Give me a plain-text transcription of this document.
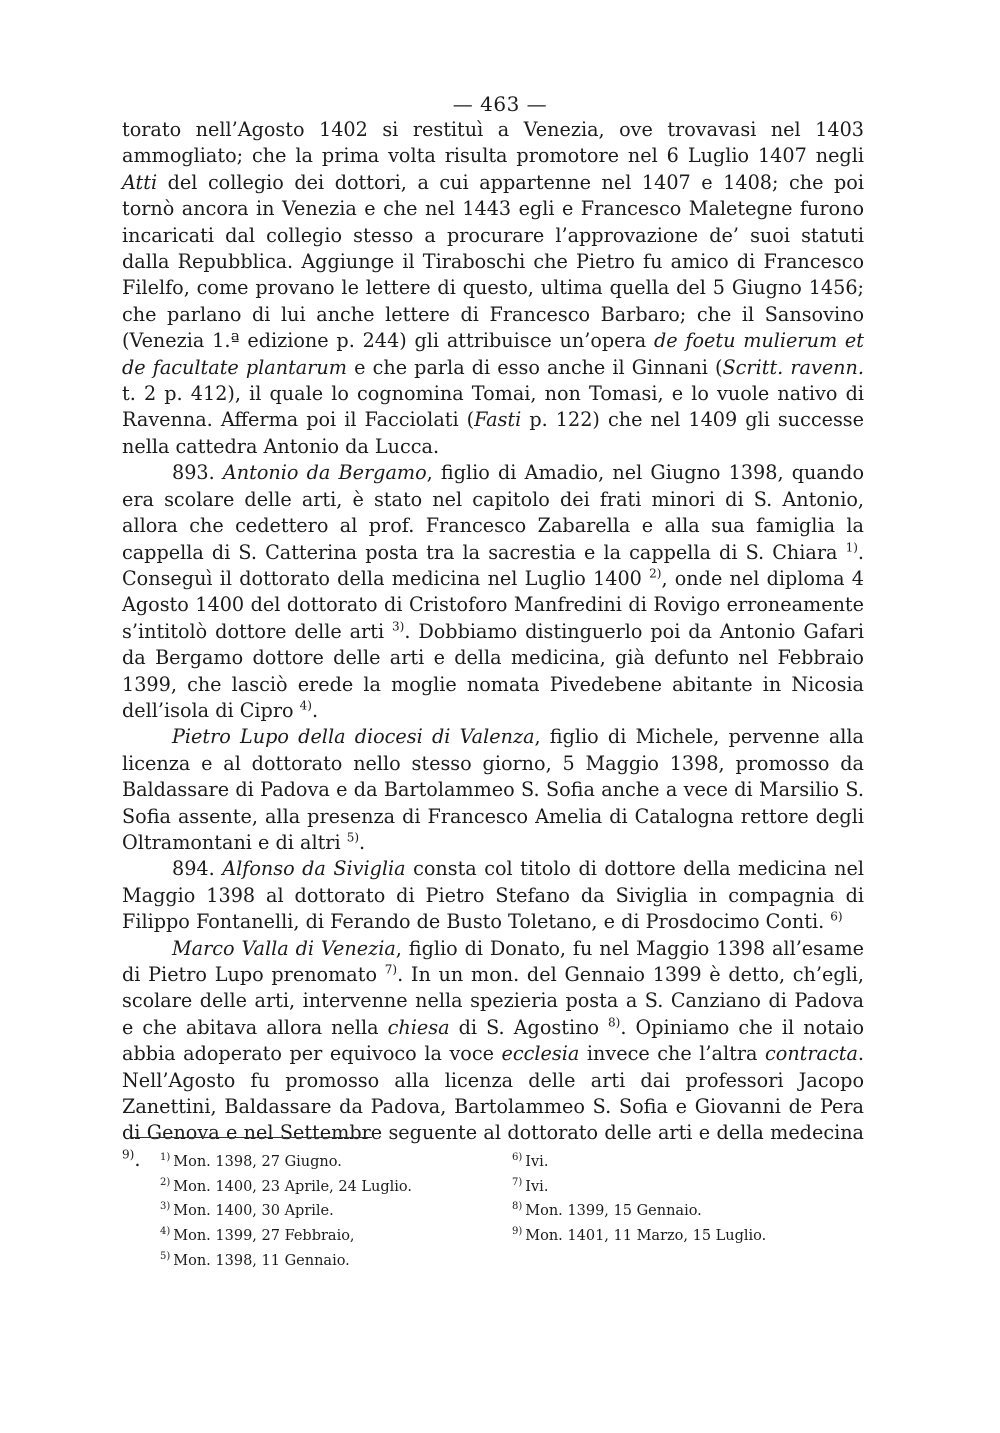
— 463 —

torato nell’Agosto 1402 si restituì a Venezia, ove trovavasi nel 1403 ammogliato; che la prima volta risulta promotore nel 6 Luglio 1407 negli Atti del collegio dei dottori, a cui appartenne nel 1407 e 1408; che poi tornò ancora in Venezia e che nel 1443 egli e Francesco Maletegne furono incaricati dal collegio stesso a procurare l’approvazione de’ suoi statuti dalla Repubblica. Aggiunge il Tiraboschi che Pietro fu amico di Francesco Filelfo, come provano le lettere di questo, ultima quella del 5 Giugno 1456; che parlano di lui anche lettere di Francesco Barbaro; che il Sansovino (Venezia 1.ª edizione p. 244) gli attribuisce un’opera de foetu mulierum et de facultate plantarum e che parla di esso anche il Ginnani (Scritt. ravenn. t. 2 p. 412), il quale lo cognomina Tomai, non Tomasi, e lo vuole nativo di Ravenna. Afferma poi il Facciolati (Fasti p. 122) che nel 1409 gli successe nella cattedra Antonio da Lucca.

893. Antonio da Bergamo, figlio di Amadio, nel Giugno 1398, quando era scolare delle arti, è stato nel capitolo dei frati minori di S. Antonio, allora che cedettero al prof. Francesco Zabarella e alla sua famiglia la cappella di S. Catterina posta tra la sacrestia e la cappella di S. Chiara $^{1)}$. Conseguì il dottorato della medicina nel Luglio 1400 $^{2)}$, onde nel diploma 4 Agosto 1400 del dottorato di Cristoforo Manfredini di Rovigo erroneamente s’intitolò dottore delle arti $^{3)}$. Dobbiamo distinguerlo poi da Antonio Gafari da Bergamo dottore delle arti e della medicina, già defunto nel Febbraio 1399, che lasciò erede la moglie nomata Pivedebene abitante in Nicosia dell’isola di Cipro $^{4)}$.

Pietro Lupo della diocesi di Valenza, figlio di Michele, pervenne alla licenza e al dottorato nello stesso giorno, 5 Maggio 1398, promosso da Baldassare di Padova e da Bartolammeo S. Sofia anche a vece di Marsilio S. Sofia assente, alla presenza di Francesco Amelia di Catalogna rettore degli Oltramontani e di altri $^{5)}$.

894. Alfonso da Siviglia consta col titolo di dottore della medicina nel Maggio 1398 al dottorato di Pietro Stefano da Siviglia in compagnia di Filippo Fontanelli, di Ferando de Busto Toletano, e di Prosdocimo Conti. $^{6)}$

Marco Valla di Venezia, figlio di Donato, fu nel Maggio 1398 all’esame di Pietro Lupo prenomato $^{7)}$. In un mon. del Gennaio 1399 è detto, ch’egli, scolare delle arti, intervenne nella spezieria posta a S. Canziano di Padova e che abitava allora nella chiesa di S. Agostino $^{8)}$. Opiniamo che il notaio abbia adoperato per equivoco la voce ecclesia invece che l’altra contracta. Nell’Agosto fu promosso alla licenza delle arti dai professori Jacopo Zanettini, Baldassare da Padova, Bartolammeo S. Sofia e Giovanni de Pera di Genova e nel Settembre seguente al dottorato delle arti e della medecina $^{9)}$.	$^{1)}$ Mon. 1398, 27 Giugno.
$^{2)}$ Mon. 1400, 23 Aprile, 24 Luglio.
$^{3)}$ Mon. 1400, 30 Aprile.
$^{4)}$ Mon. 1399, 27 Febbraio,
$^{5)}$ Mon. 1398, 11 Gennaio.
$^{6)}$ Ivi.
$^{7)}$ Ivi.
$^{8)}$ Mon. 1399, 15 Gennaio.
$^{9)}$ Mon. 1401, 11 Marzo, 15 Luglio.
